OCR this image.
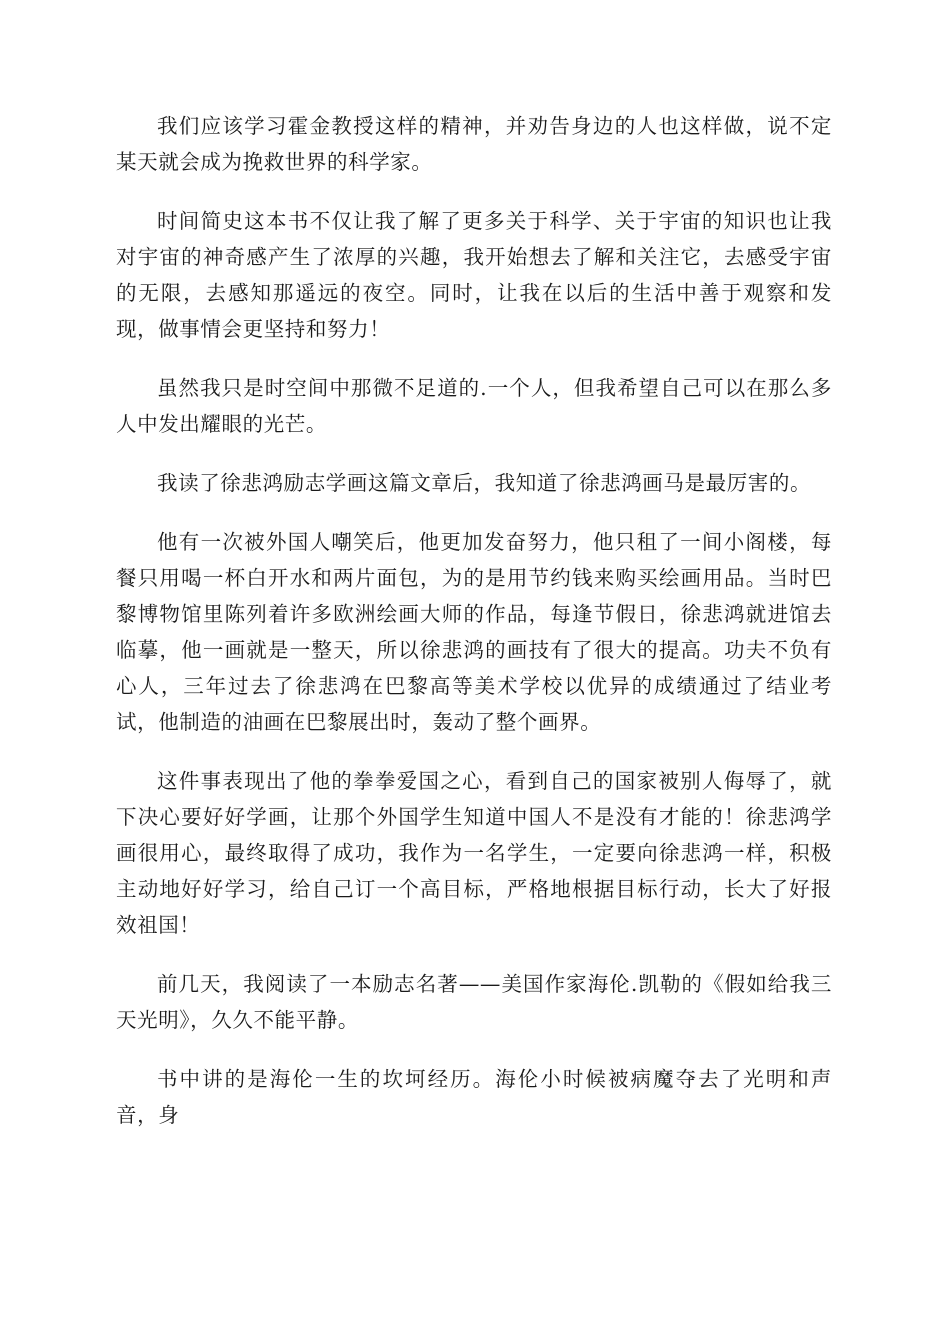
我们应该学习霍金教授这样的精神，并劝告身边的人也这样做，说不定某天就会成为挽救世界的科学家。

时间简史这本书不仅让我了解了更多关于科学、关于宇宙的知识也让我对宇宙的神奇感产生了浓厚的兴趣，我开始想去了解和关注它，去感受宇宙的无限，去感知那遥远的夜空。同时，让我在以后的生活中善于观察和发现，做事情会更坚持和努力！

虽然我只是时空间中那微不足道的.一个人，但我希望自己可以在那么多人中发出耀眼的光芒。

我读了徐悲鸿励志学画这篇文章后，我知道了徐悲鸿画马是最厉害的。

他有一次被外国人嘲笑后，他更加发奋努力，他只租了一间小阁楼，每餐只用喝一杯白开水和两片面包，为的是用节约钱来购买绘画用品。当时巴黎博物馆里陈列着许多欧洲绘画大师的作品，每逢节假日，徐悲鸿就进馆去临摹，他一画就是一整天，所以徐悲鸿的画技有了很大的提高。功夫不负有心人，三年过去了徐悲鸿在巴黎高等美术学校以优异的成绩通过了结业考试，他制造的油画在巴黎展出时，轰动了整个画界。

这件事表现出了他的拳拳爱国之心，看到自己的国家被别人侮辱了，就下决心要好好学画，让那个外国学生知道中国人不是没有才能的！徐悲鸿学画很用心，最终取得了成功，我作为一名学生，一定要向徐悲鸿一样，积极主动地好好学习，给自己订一个高目标，严格地根据目标行动，长大了好报效祖国！

前几天，我阅读了一本励志名著——美国作家海伦.凯勒的《假如给我三天光明》，久久不能平静。

书中讲的是海伦一生的坎坷经历。海伦小时候被病魔夺去了光明和声音，身
